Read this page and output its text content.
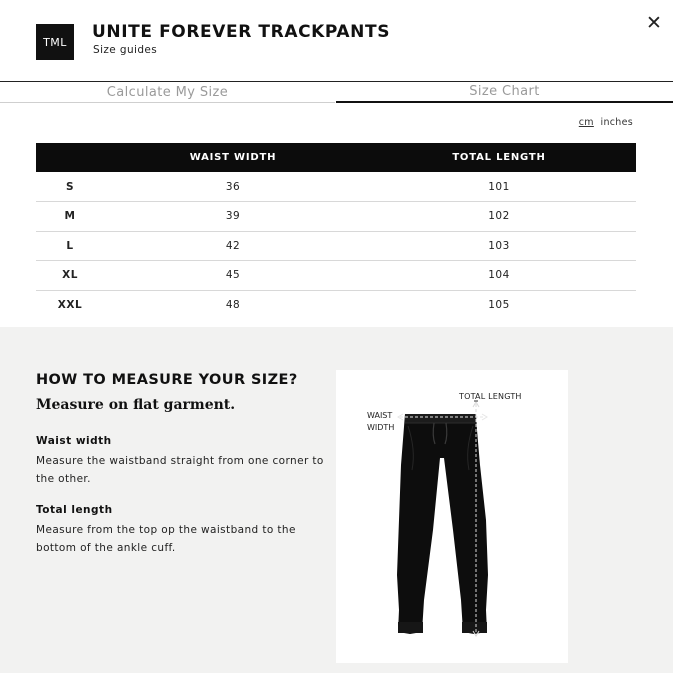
TML	UNITE FOREVER TRACKPANTS
Size guides
✕
Calculate My Size	Size Chart
cm inches
	WAIST WIDTH	TOTAL LENGTH
S	36	101
M	39	102
L	42	103
XL	45	104
XXL	48	105
HOW TO MEASURE YOUR SIZE?
Measure on flat garment.
Waist width
Measure the waistband straight from one corner to the other.
Total length
Measure from the top op the waistband to the bottom of the ankle cuff.
TOTAL LENGTH
WAIST
WIDTH
